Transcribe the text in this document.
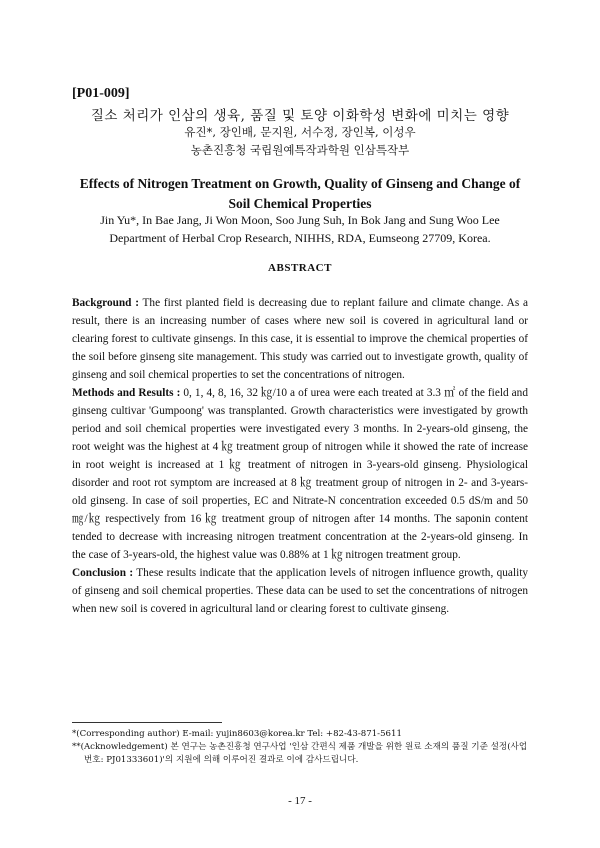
[P01-009]
질소 처리가 인삼의 생육, 품질 및 토양 이화학성 변화에 미치는 영향
유진*, 장인배, 문지원, 서수정, 장인복, 이성우
농촌진흥청 국립원예특작과학원 인삼특작부
Effects of Nitrogen Treatment on Growth, Quality of Ginseng and Change of Soil Chemical Properties
Jin Yu*, In Bae Jang, Ji Won Moon, Soo Jung Suh, In Bok Jang and Sung Woo Lee
Department of Herbal Crop Research, NIHHS, RDA, Eumseong 27709, Korea.
ABSTRACT

Background : The first planted field is decreasing due to replant failure and climate change. As a result, there is an increasing number of cases where new soil is covered in agricultural land or clearing forest to cultivate ginsengs. In this case, it is essential to improve the chemical properties of the soil before ginseng site management. This study was carried out to investigate growth, quality of ginseng and soil chemical properties to set the concentrations of nitrogen.

Methods and Results : 0, 1, 4, 8, 16, 32 ㎏/10 a of urea were each treated at 3.3 ㎡ of the field and ginseng cultivar 'Gumpoong' was transplanted. Growth characteristics were investigated by growth period and soil chemical properties were investigated every 3 months. In 2-years-old ginseng, the root weight was the highest at 4 ㎏ treatment group of nitrogen while it showed the rate of increase in root weight is increased at 1 ㎏ treatment of nitrogen in 3-years-old ginseng. Physiological disorder and root rot symptom are increased at 8 ㎏ treatment group of nitrogen in 2- and 3-years-old ginseng. In case of soil properties, EC and Nitrate-N concentration exceeded 0.5 dS/m and 50 ㎎/㎏ respectively from 16 ㎏ treatment group of nitrogen after 14 months. The saponin content tended to decrease with increasing nitrogen treatment concentration at the 2-years-old ginseng. In the case of 3-years-old, the highest value was 0.88% at 1 ㎏ nitrogen treatment group.

Conclusion : These results indicate that the application levels of nitrogen influence growth, quality of ginseng and soil chemical properties. These data can be used to set the concentrations of nitrogen when new soil is covered in agricultural land or clearing forest to cultivate ginseng.

*(Corresponding author) E-mail: yujin8603@korea.kr Tel: +82-43-871-5611
**(Acknowledgement) 본 연구는 농촌진흥청 연구사업 '인삼 간편식 제품 개발을 위한 원료 소재의 품질 기준 설정(사업
번호: PJ01333601)'의 지원에 의해 이루어진 결과로 이에 감사드립니다.
- 17 -
